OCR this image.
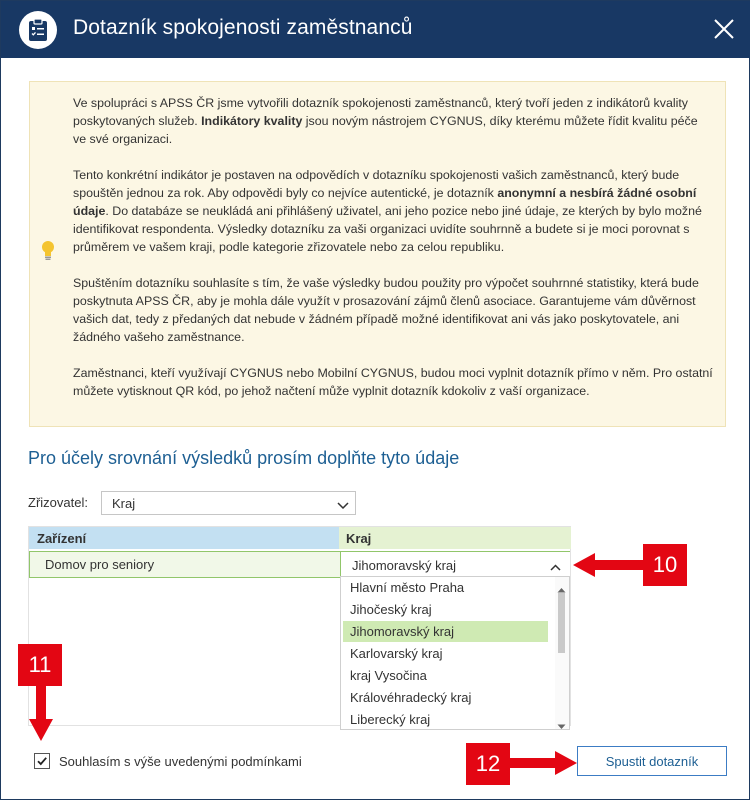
Dotazník spokojenosti zaměstnanců

Ve spolupráci s APSS ČR jsme vytvořili dotazník spokojenosti zaměstnanců, který tvoří jeden z indikátorů kvality poskytovaných služeb. Indikátory kvality jsou novým nástrojem CYGNUS, díky kterému můžete řídit kvalitu péče ve své organizaci.

Tento konkrétní indikátor je postaven na odpovědích v dotazníku spokojenosti vašich zaměstnanců, který bude spouštěn jednou za rok. Aby odpovědi byly co nejvíce autentické, je dotazník anonymní a nesbírá žádné osobní údaje. Do databáze se neukládá ani přihlášený uživatel, ani jeho pozice nebo jiné údaje, ze kterých by bylo možné identifikovat respondenta. Výsledky dotazníku za vaši organizaci uvidíte souhrnně a budete si je moci porovnat s průměrem ve vašem kraji, podle kategorie zřizovatele nebo za celou republiku.

Spuštěním dotazníku souhlasíte s tím, že vaše výsledky budou použity pro výpočet souhrnné statistiky, která bude poskytnuta APSS ČR, aby je mohla dále využít v prosazování zájmů členů asociace. Garantujeme vám důvěrnost vašich dat, tedy z předaných dat nebude v žádném případě možné identifikovat ani vás jako poskytovatele, ani žádného vašeho zaměstnance.

Zaměstnanci, kteří využívají CYGNUS nebo Mobilní CYGNUS, budou moci vyplnit dotazník přímo v něm. Pro ostatní můžete vytisknout QR kód, po jehož načtení může vyplnit dotazník kdokoliv z vaší organizace.

Pro účely srovnání výsledků prosím doplňte tyto údaje
Zřizovatel:	Kraj
Zařízení	Kraj
Domov pro seniory	Jihomoravský kraj
Hlavní město Praha
Jihočeský kraj
Jihomoravský kraj
Karlovarský kraj
kraj Vysočina
Královéhradecký kraj
Liberecký kraj
Souhlasím s výše uvedenými podmínkami	Spustit dotazník
10
11
12
